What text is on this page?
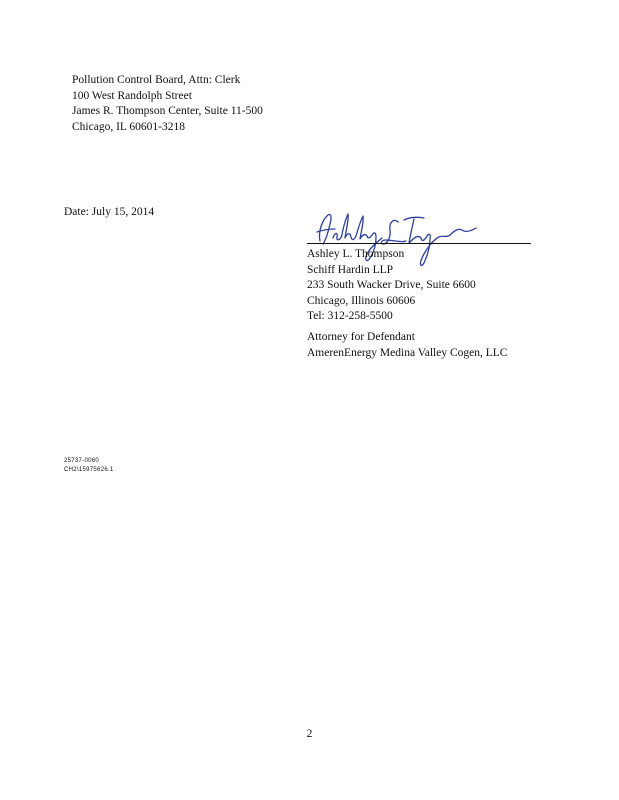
Pollution Control Board, Attn: Clerk
100 West Randolph Street
James R. Thompson Center, Suite 11-500
Chicago, IL 60601-3218
Date: July 15, 2014
Ashley L. Thompson
Schiff Hardin LLP
233 South Wacker Drive, Suite 6600
Chicago, Illinois 60606
Tel: 312-258-5500
Attorney for Defendant
AmerenEnergy Medina Valley Cogen, LLC
25737-0060
CH2\15975626.1
2
